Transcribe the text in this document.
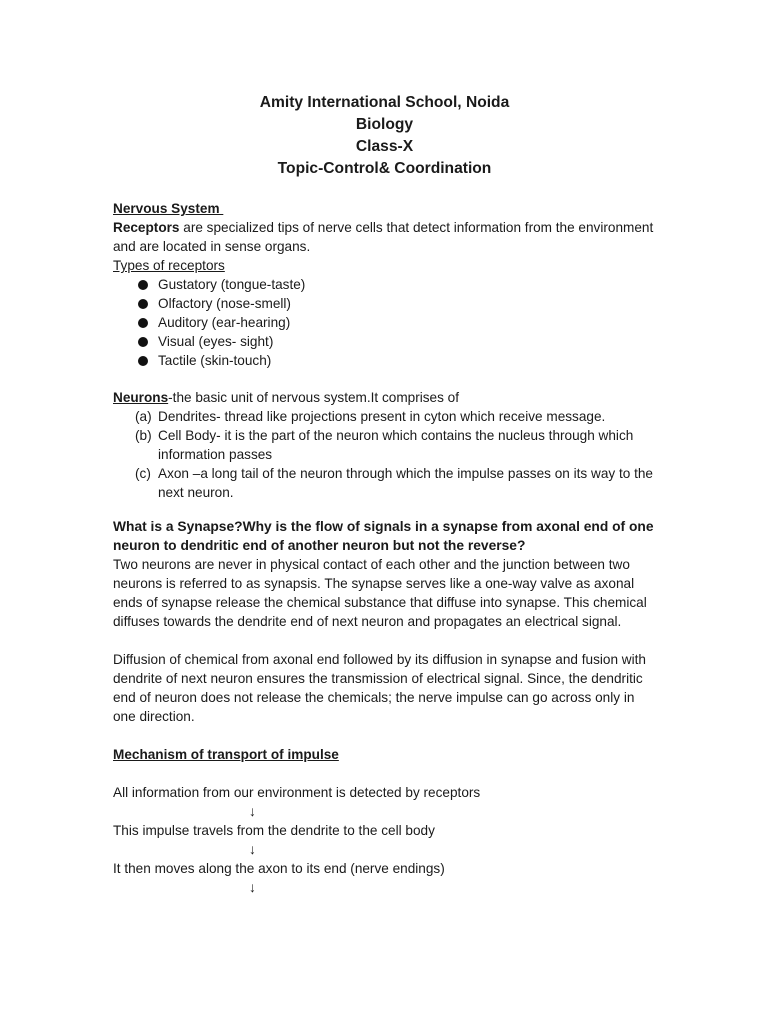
Amity International School, Noida
Biology
Class-X
Topic-Control& Coordination
Nervous System
Receptors are specialized tips of nerve cells that detect information from the environment and are located in sense organs.
Types of receptors
Gustatory (tongue-taste)
Olfactory (nose-smell)
Auditory (ear-hearing)
Visual (eyes- sight)
Tactile (skin-touch)
Neurons-the basic unit of nervous system.It comprises of
(a) Dendrites- thread like projections present in cyton which receive message.
(b) Cell Body- it is the part of the neuron which contains the nucleus through which information passes
(c) Axon –a long tail of the neuron through which the impulse passes on its way to the next neuron.
What is a Synapse?Why is the flow of signals in a synapse from axonal end of one neuron to dendritic end of another neuron but not the reverse?
Two neurons are never in physical contact of each other and the junction between two neurons is referred to as synapsis. The synapse serves like a one-way valve as axonal ends of synapse release the chemical substance that diffuse into synapse. This chemical diffuses towards the dendrite end of next neuron and propagates an electrical signal.
Diffusion of chemical from axonal end followed by its diffusion in synapse and fusion with dendrite of next neuron ensures the transmission of electrical signal. Since, the dendritic end of neuron does not release the chemicals; the nerve impulse can go across only in one direction.
Mechanism of transport of impulse
All information from our environment is detected by receptors
↓
This impulse travels from the dendrite to the cell body
↓
It then moves along the axon to its end (nerve endings)
↓
